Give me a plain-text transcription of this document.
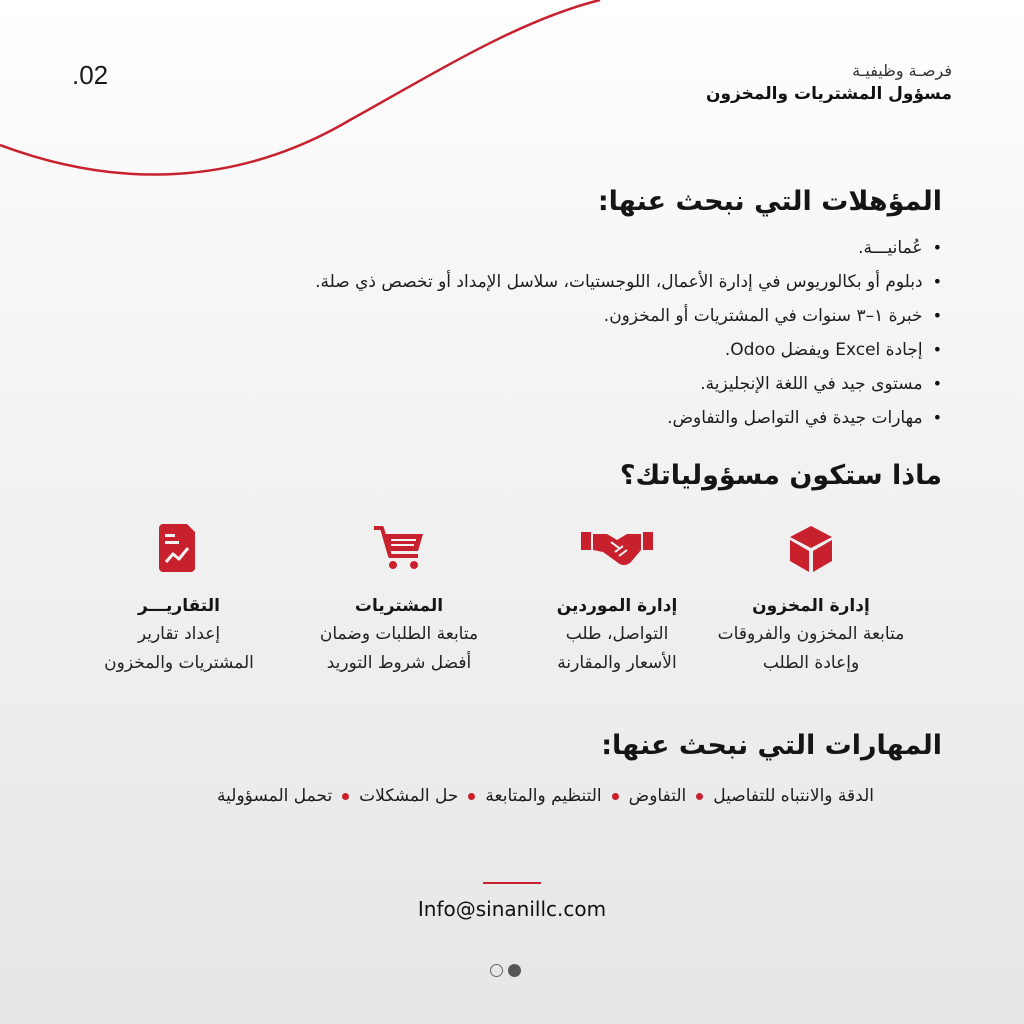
.02	فرصـة وظيفيـة
مسؤول المشتريات والمخزون
المؤهلات التي نبحث عنها:
• عُمانيـــة.
• دبلوم أو بكالوريوس في إدارة الأعمال، اللوجستيات، سلاسل الإمداد أو تخصص ذي صلة.
• خبرة ١–٣ سنوات في المشتريات أو المخزون.
• إجادة Excel ويفضل Odoo.
• مستوى جيد في اللغة الإنجليزية.
• مهارات جيدة في التواصل والتفاوض.
ماذا ستكون مسؤولياتك؟
إدارة المخزون
متابعة المخزون والفروقات
وإعادة الطلب
إدارة الموردين
التواصل، طلب
الأسعار والمقارنة
المشتريات
متابعة الطلبات وضمان
أفضل شروط التوريد
التقاريـــر
إعداد تقارير
المشتريات والمخزون
المهارات التي نبحث عنها:
الدقة والانتباه للتفاصيل
التفاوض
التنظيم والمتابعة
حل المشكلات
تحمل المسؤولية
Info@sinanillc.com
